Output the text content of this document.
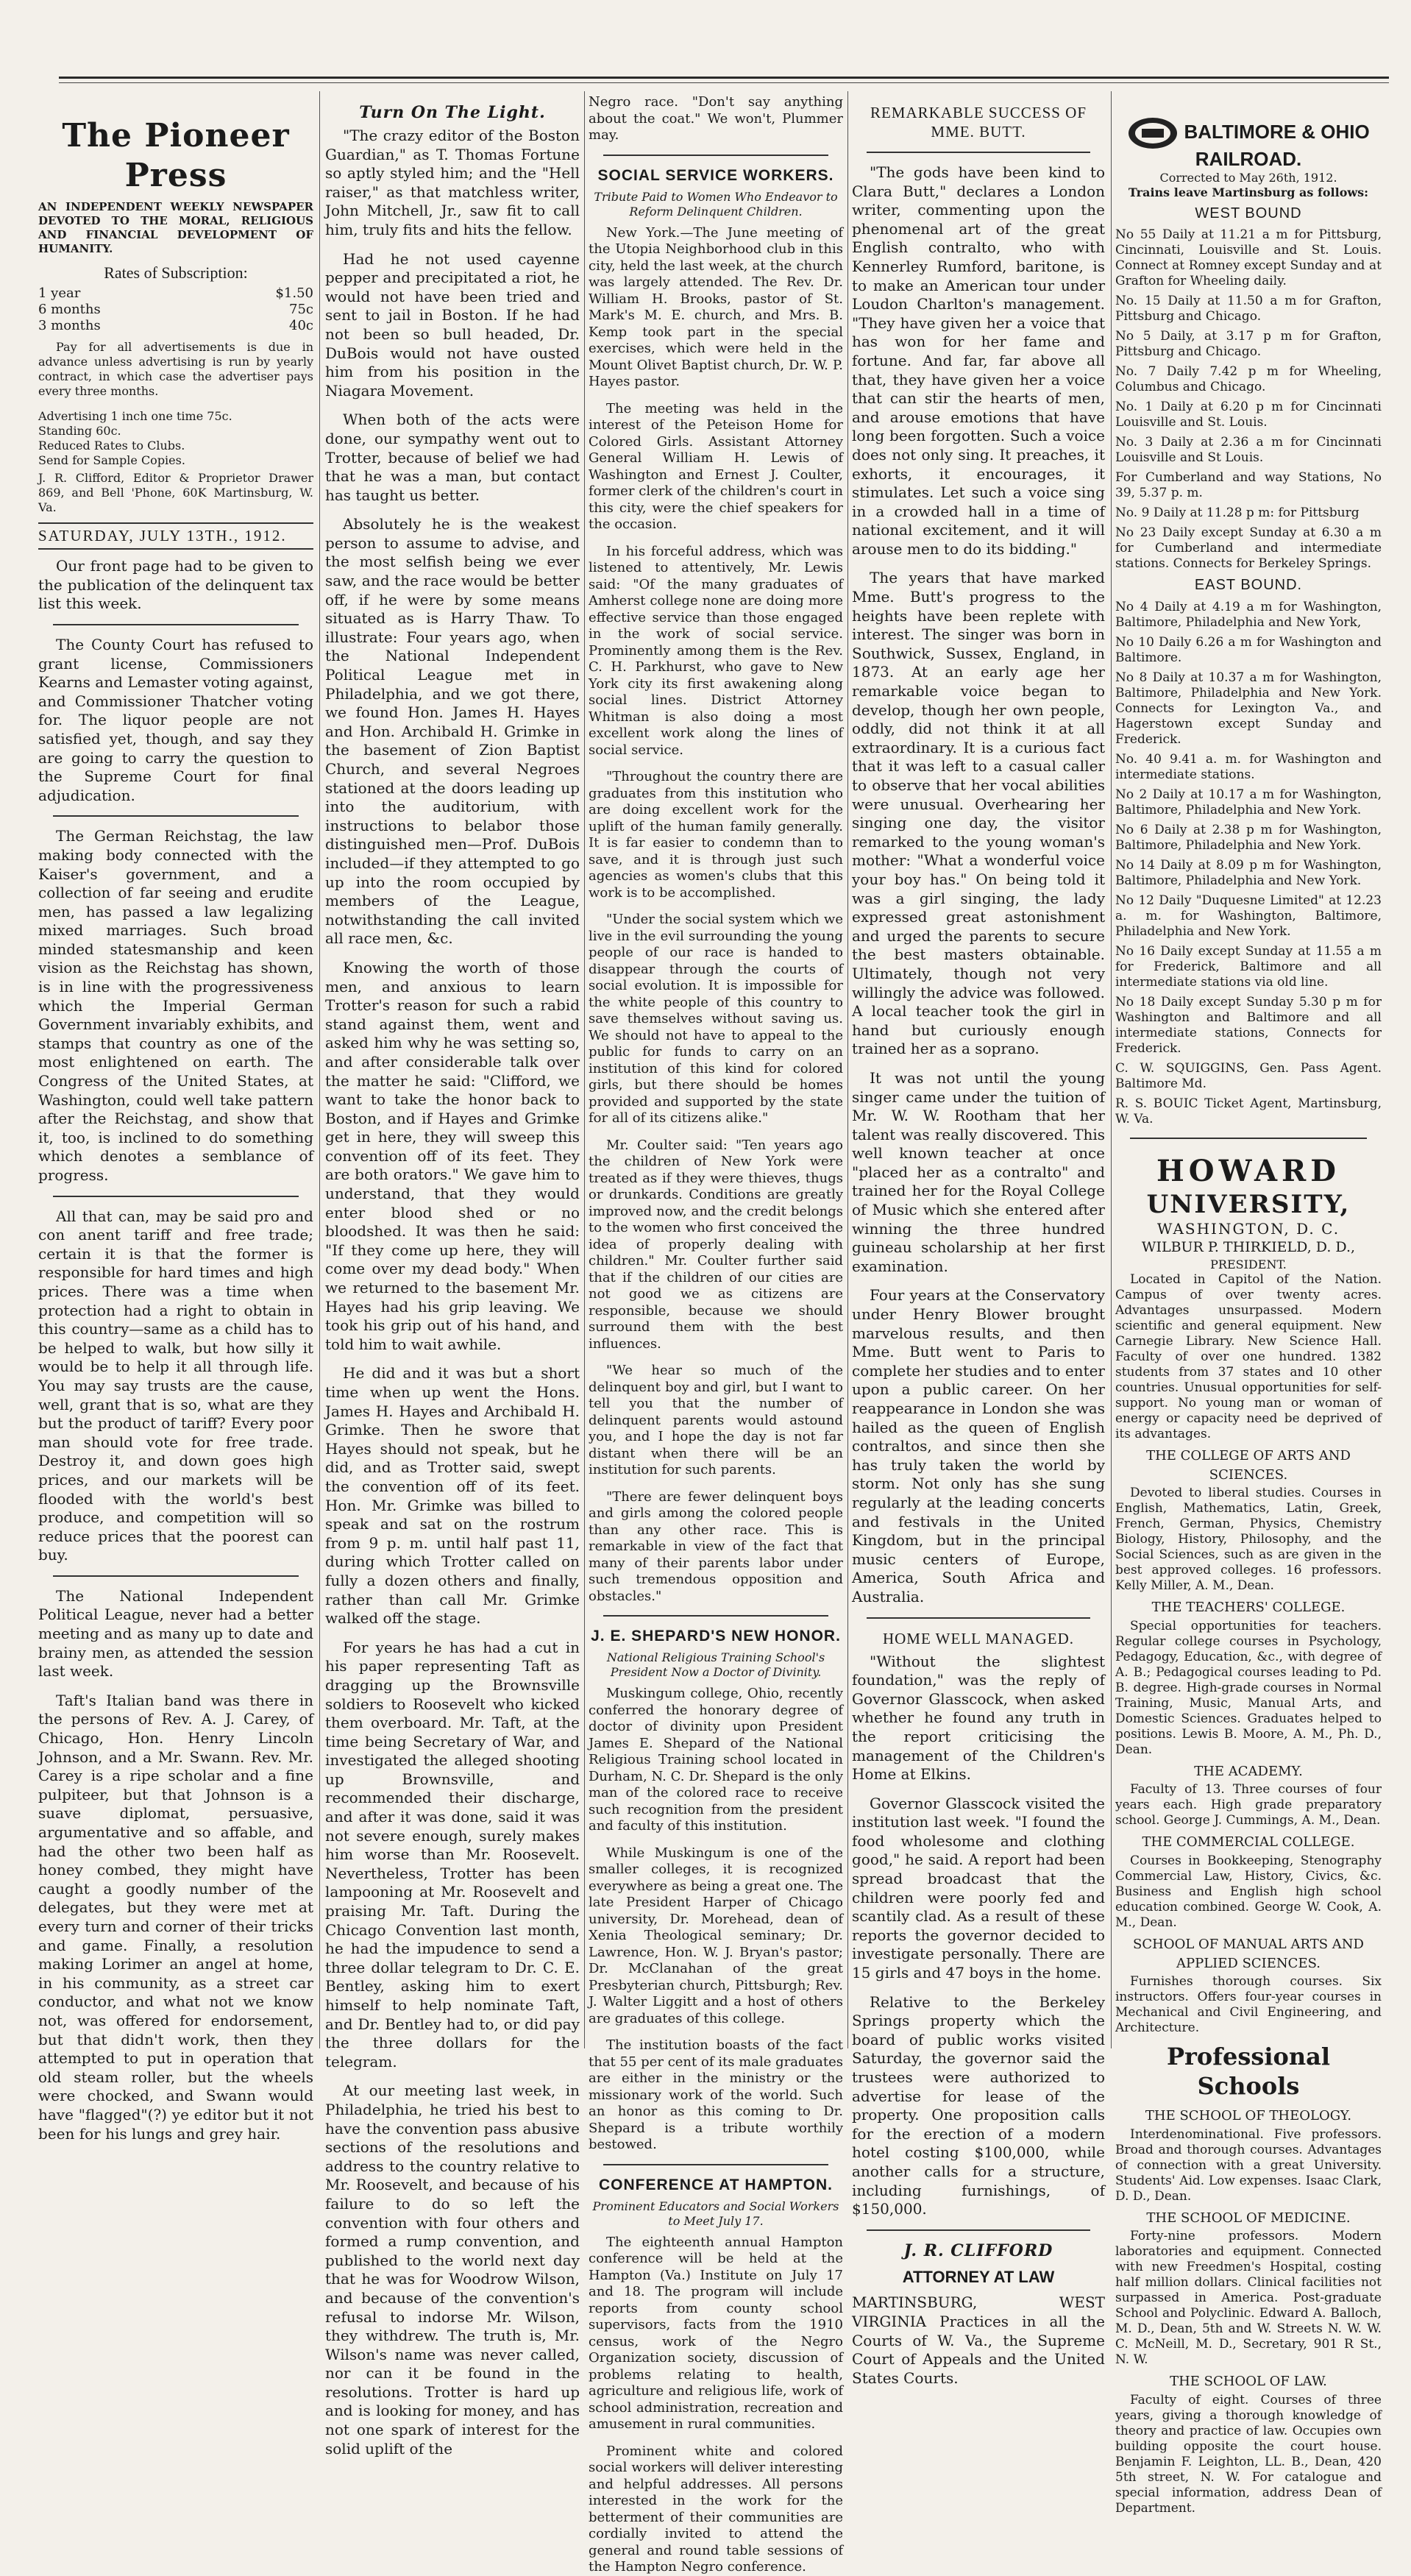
The Pioneer Press
AN INDEPENDENT WEEKLY NEWSPAPER DEVOTED TO THE MORAL, RELIGIOUS AND FINANCIAL DEVELOPMENT OF HUMANITY.
Rates of Subscription:
1 year	$1.50
6 months	75c
3 months	40c

Pay for all advertisements is due in advance unless advertising is run by yearly contract, in which case the advertiser pays every three months.

Advertising 1 inch one time 75c.
Standing 60c.
Reduced Rates to Clubs.
Send for Sample Copies.
J. R. Clifford, Editor & Proprietor Drawer 869, and Bell 'Phone, 60K Martinsburg, W. Va.
SATURDAY, JULY 13TH., 1912.

Our front page had to be given to the publication of the delinquent tax list this week.

The County Court has refused to grant license, Commissioners Kearns and Lemaster voting against, and Commissioner Thatcher voting for. The liquor people are not satisfied yet, though, and say they are going to carry the question to the Supreme Court for final adjudication.

The German Reichstag, the law making body connected with the Kaiser's government, and a collection of far seeing and erudite men, has passed a law legalizing mixed marriages. Such broad minded statesmanship and keen vision as the Reichstag has shown, is in line with the progressiveness which the Imperial German Government invariably exhibits, and stamps that country as one of the most enlightened on earth. The Congress of the United States, at Washington, could well take pattern after the Reichstag, and show that it, too, is inclined to do something which denotes a semblance of progress.

All that can, may be said pro and con anent tariff and free trade; certain it is that the former is responsible for hard times and high prices. There was a time when protection had a right to obtain in this country—same as a child has to be helped to walk, but how silly it would be to help it all through life. You may say trusts are the cause, well, grant that is so, what are they but the product of tariff? Every poor man should vote for free trade. Destroy it, and down goes high prices, and our markets will be flooded with the world's best produce, and competition will so reduce prices that the poorest can buy.

The National Independent Political League, never had a better meeting and as many up to date and brainy men, as attended the session last week.

Taft's Italian band was there in the persons of Rev. A. J. Carey, of Chicago, Hon. Henry Lincoln Johnson, and a Mr. Swann. Rev. Mr. Carey is a ripe scholar and a fine pulpiteer, but that Johnson is a suave diplomat, persuasive, argumentative and so affable, and had the other two been half as honey combed, they might have caught a goodly number of the delegates, but they were met at every turn and corner of their tricks and game. Finally, a resolution making Lorimer an angel at home, in his community, as a street car conductor, and what not we know not, was offered for endorsement, but that didn't work, then they attempted to put in operation that old steam roller, but the wheels were chocked, and Swann would have "flagged"(?) ye editor but it not been for his lungs and grey hair.

Turn On The Light.

"The crazy editor of the Boston Guardian," as T. Thomas Fortune so aptly styled him; and the "Hell raiser," as that matchless writer, John Mitchell, Jr., saw fit to call him, truly fits and hits the fellow.

Had he not used cayenne pepper and precipitated a riot, he would not have been tried and sent to jail in Boston. If he had not been so bull headed, Dr. DuBois would not have ousted him from his position in the Niagara Movement.

When both of the acts were done, our sympathy went out to Trotter, because of belief we had that he was a man, but contact has taught us better.

Absolutely he is the weakest person to assume to advise, and the most selfish being we ever saw, and the race would be better off, if he were by some means situated as is Harry Thaw. To illustrate: Four years ago, when the National Independent Political League met in Philadelphia, and we got there, we found Hon. James H. Hayes and Hon. Archibald H. Grimke in the basement of Zion Baptist Church, and several Negroes stationed at the doors leading up into the auditorium, with instructions to belabor those distinguished men—Prof. DuBois included—if they attempted to go up into the room occupied by members of the League, notwithstanding the call invited all race men, &c.

Knowing the worth of those men, and anxious to learn Trotter's reason for such a rabid stand against them, went and asked him why he was setting so, and after considerable talk over the matter he said: "Clifford, we want to take the honor back to Boston, and if Hayes and Grimke get in here, they will sweep this convention off of its feet. They are both orators." We gave him to understand, that they would enter blood shed or no bloodshed. It was then he said: "If they come up here, they will come over my dead body." When we returned to the basement Mr. Hayes had his grip leaving. We took his grip out of his hand, and told him to wait awhile.

He did and it was but a short time when up went the Hons. James H. Hayes and Archibald H. Grimke. Then he swore that Hayes should not speak, but he did, and as Trotter said, swept the convention off of its feet. Hon. Mr. Grimke was billed to speak and sat on the rostrum from 9 p. m. until half past 11, during which Trotter called on fully a dozen others and finally, rather than call Mr. Grimke walked off the stage.

For years he has had a cut in his paper representing Taft as dragging up the Brownsville soldiers to Roosevelt who kicked them overboard. Mr. Taft, at the time being Secretary of War, and investigated the alleged shooting up Brownsville, and recommended their discharge, and after it was done, said it was not severe enough, surely makes him worse than Mr. Roosevelt. Nevertheless, Trotter has been lampooning at Mr. Roosevelt and praising Mr. Taft. During the Chicago Convention last month, he had the impudence to send a three dollar telegram to Dr. C. E. Bentley, asking him to exert himself to help nominate Taft, and Dr. Bentley had to, or did pay the three dollars for the telegram.

At our meeting last week, in Philadelphia, he tried his best to have the convention pass abusive sections of the resolutions and address to the country relative to Mr. Roosevelt, and because of his failure to do so left the convention with four others and formed a rump convention, and published to the world next day that he was for Woodrow Wilson, and because of the convention's refusal to indorse Mr. Wilson, they withdrew. The truth is, Mr. Wilson's name was never called, nor can it be found in the resolutions. Trotter is hard up and is looking for money, and has not one spark of interest for the solid uplift of the

Negro race. "Don't say anything about the coat." We won't, Plummer may.

SOCIAL SERVICE WORKERS.
Tribute Paid to Women Who Endeavor to Reform Delinquent Children.

New York.—The June meeting of the Utopia Neighborhood club in this city, held the last week, at the church was largely attended. The Rev. Dr. William H. Brooks, pastor of St. Mark's M. E. church, and Mrs. B. Kemp took part in the special exercises, which were held in the Mount Olivet Baptist church, Dr. W. P. Hayes pastor.

The meeting was held in the interest of the Peteison Home for Colored Girls. Assistant Attorney General William H. Lewis of Washington and Ernest J. Coulter, former clerk of the children's court in this city, were the chief speakers for the occasion.

In his forceful address, which was listened to attentively, Mr. Lewis said: "Of the many graduates of Amherst college none are doing more effective service than those engaged in the work of social service. Prominently among them is the Rev. C. H. Parkhurst, who gave to New York city its first awakening along social lines. District Attorney Whitman is also doing a most excellent work along the lines of social service.

"Throughout the country there are graduates from this institution who are doing excellent work for the uplift of the human family generally. It is far easier to condemn than to save, and it is through just such agencies as women's clubs that this work is to be accomplished.

"Under the social system which we live in the evil surrounding the young people of our race is handed to disappear through the courts of social evolution. It is impossible for the white people of this country to save themselves without saving us. We should not have to appeal to the public for funds to carry on an institution of this kind for colored girls, but there should be homes provided and supported by the state for all of its citizens alike."

Mr. Coulter said: "Ten years ago the children of New York were treated as if they were thieves, thugs or drunkards. Conditions are greatly improved now, and the credit belongs to the women who first conceived the idea of properly dealing with children." Mr. Coulter further said that if the children of our cities are not good we as citizens are responsible, because we should surround them with the best influences.

"We hear so much of the delinquent boy and girl, but I want to tell you that the number of delinquent parents would astound you, and I hope the day is not far distant when there will be an institution for such parents.

"There are fewer delinquent boys and girls among the colored people than any other race. This is remarkable in view of the fact that many of their parents labor under such tremendous opposition and obstacles."

J. E. SHEPARD'S NEW HONOR.
National Religious Training School's President Now a Doctor of Divinity.

Muskingum college, Ohio, recently conferred the honorary degree of doctor of divinity upon President James E. Shepard of the National Religious Training school located in Durham, N. C. Dr. Shepard is the only man of the colored race to receive such recognition from the president and faculty of this institution.

While Muskingum is one of the smaller colleges, it is recognized everywhere as being a great one. The late President Harper of Chicago university, Dr. Morehead, dean of Xenia Theological seminary; Dr. Lawrence, Hon. W. J. Bryan's pastor; Dr. McClanahan of the great Presbyterian church, Pittsburgh; Rev. J. Walter Liggitt and a host of others are graduates of this college.

The institution boasts of the fact that 55 per cent of its male graduates are either in the ministry or the missionary work of the world. Such an honor as this coming to Dr. Shepard is a tribute worthily bestowed.

CONFERENCE AT HAMPTON.
Prominent Educators and Social Workers to Meet July 17.

The eighteenth annual Hampton conference will be held at the Hampton (Va.) Institute on July 17 and 18. The program will include reports from county school supervisors, facts from the 1910 census, work of the Negro Organization society, discussion of problems relating to health, agriculture and religious life, work of school administration, recreation and amusement in rural communities.

Prominent white and colored social workers will deliver interesting and helpful addresses. All persons interested in the work for the betterment of their communities are cordially invited to attend the general and round table sessions of the Hampton Negro conference.

REMARKABLE SUCCESS OF MME. BUTT.

"The gods have been kind to Clara Butt," declares a London writer, commenting upon the phenomenal art of the great English contralto, who with Kennerley Rumford, baritone, is to make an American tour under Loudon Charlton's management. "They have given her a voice that has won for her fame and fortune. And far, far above all that, they have given her a voice that can stir the hearts of men, and arouse emotions that have long been forgotten. Such a voice does not only sing. It preaches, it exhorts, it encourages, it stimulates. Let such a voice sing in a crowded hall in a time of national excitement, and it will arouse men to do its bidding."

The years that have marked Mme. Butt's progress to the heights have been replete with interest. The singer was born in Southwick, Sussex, England, in 1873. At an early age her remarkable voice began to develop, though her own people, oddly, did not think it at all extraordinary. It is a curious fact that it was left to a casual caller to observe that her vocal abilities were unusual. Overhearing her singing one day, the visitor remarked to the young woman's mother: "What a wonderful voice your boy has." On being told it was a girl singing, the lady expressed great astonishment and urged the parents to secure the best masters obtainable. Ultimately, though not very willingly the advice was followed. A local teacher took the girl in hand but curiously enough trained her as a soprano.

It was not until the young singer came under the tuition of Mr. W. W. Rootham that her talent was really discovered. This well known teacher at once "placed her as a contralto" and trained her for the Royal College of Music which she entered after winning the three hundred guineau scholarship at her first examination.

Four years at the Conservatory under Henry Blower brought marvelous results, and then Mme. Butt went to Paris to complete her studies and to enter upon a public career. On her reappearance in London she was hailed as the queen of English contraltos, and since then she has truly taken the world by storm. Not only has she sung regularly at the leading concerts and festivals in the United Kingdom, but in the principal music centers of Europe, America, South Africa and Australia.

HOME WELL MANAGED.

"Without the slightest foundation," was the reply of Governor Glasscock, when asked whether he found any truth in the report criticising the management of the Children's Home at Elkins.

Governor Glasscock visited the institution last week. "I found the food wholesome and clothing good," he said. A report had been spread broadcast that the children were poorly fed and scantily clad. As a result of these reports the governor decided to investigate personally. There are 15 girls and 47 boys in the home.

Relative to the Berkeley Springs property which the board of public works visited Saturday, the governor said the trustees were authorized to advertise for lease of the property. One proposition calls for the erection of a modern hotel costing $100,000, while another calls for a structure, including furnishings, of $150,000.

J. R. CLIFFORD
ATTORNEY AT LAW

MARTINSBURG, WEST VIRGINIA Practices in all the Courts of W. Va., the Supreme Court of Appeals and the United States Courts.

BALTIMORE & OHIO RAILROAD.
Corrected to May 26th, 1912.
Trains leave Martinsburg as follows:
WEST BOUND

No 55 Daily at 11.21 a m for Pittsburg, Cincinnati, Louisville and St. Louis. Connect at Romney except Sunday and at Grafton for Wheeling daily.

No. 15 Daily at 11.50 a m for Grafton, Pittsburg and Chicago.

No 5 Daily, at 3.17 p m for Grafton, Pittsburg and Chicago.

No. 7 Daily 7.42 p m for Wheeling, Columbus and Chicago.

No. 1 Daily at 6.20 p m for Cincinnati Louisville and St. Louis.

No. 3 Daily at 2.36 a m for Cincinnati Louisville and St Louis.

For Cumberland and way Stations, No 39, 5.37 p. m.

No. 9 Daily at 11.28 p m: for Pittsburg

No 23 Daily except Sunday at 6.30 a m for Cumberland and intermediate stations. Connects for Berkeley Springs.

EAST BOUND.

No 4 Daily at 4.19 a m for Washington, Baltimore, Philadelphia and New York,

No 10 Daily 6.26 a m for Washington and Baltimore.

No 8 Daily at 10.37 a m for Washington, Baltimore, Philadelphia and New York. Connects for Lexington Va., and Hagerstown except Sunday and Frederick.

No. 40 9.41 a. m. for Washington and intermediate stations.

No 2 Daily at 10.17 a m for Washington, Baltimore, Philadelphia and New York.

No 6 Daily at 2.38 p m for Washington, Baltimore, Philadelphia and New York.

No 14 Daily at 8.09 p m for Washington, Baltimore, Philadelphia and New York.

No 12 Daily "Duquesne Limited" at 12.23 a. m. for Washington, Baltimore, Philadelphia and New York.

No 16 Daily except Sunday at 11.55 a m for Frederick, Baltimore and all intermediate stations via old line.

No 18 Daily except Sunday 5.30 p m for Washington and Baltimore and all intermediate stations, Connects for Frederick.

C. W. SQUIGGINS, Gen. Pass Agent. Baltimore Md.

R. S. BOUIC Ticket Agent, Martinsburg, W. Va.

HOWARD
UNIVERSITY,
WASHINGTON, D. C.
WILBUR P. THIRKIELD, D. D.,
PRESIDENT.

Located in Capitol of the Nation. Campus of over twenty acres. Advantages unsurpassed. Modern scientific and general equipment. New Carnegie Library. New Science Hall. Faculty of over one hundred. 1382 students from 37 states and 10 other countries. Unusual opportunities for self-support. No young man or woman of energy or capacity need be deprived of its advantages.

THE COLLEGE OF ARTS AND SCIENCES.

Devoted to liberal studies. Courses in English, Mathematics, Latin, Greek, French, German, Physics, Chemistry Biology, History, Philosophy, and the Social Sciences, such as are given in the best approved colleges. 16 professors. Kelly Miller, A. M., Dean.

THE TEACHERS' COLLEGE.

Special opportunities for teachers. Regular college courses in Psychology, Pedagogy, Education, &c., with degree of A. B.; Pedagogical courses leading to Pd. B. degree. High-grade courses in Normal Training, Music, Manual Arts, and Domestic Sciences. Graduates helped to positions. Lewis B. Moore, A. M., Ph. D., Dean.

THE ACADEMY.

Faculty of 13. Three courses of four years each. High grade preparatory school. George J. Cummings, A. M., Dean.

THE COMMERCIAL COLLEGE.

Courses in Bookkeeping, Stenography Commercial Law, History, Civics, &c. Business and English high school education combined. George W. Cook, A. M., Dean.

SCHOOL OF MANUAL ARTS AND APPLIED SCIENCES.

Furnishes thorough courses. Six instructors. Offers four-year courses in Mechanical and Civil Engineering, and Architecture.

Professional Schools
THE SCHOOL OF THEOLOGY.

Interdenominational. Five professors. Broad and thorough courses. Advantages of connection with a great University. Students' Aid. Low expenses. Isaac Clark, D. D., Dean.

THE SCHOOL OF MEDICINE.

Forty-nine professors. Modern laboratories and equipment. Connected with new Freedmen's Hospital, costing half million dollars. Clinical facilities not surpassed in America. Post-graduate School and Polyclinic. Edward A. Balloch, M. D., Dean, 5th and W. Streets N. W. W. C. McNeill, M. D., Secretary, 901 R St., N. W.

THE SCHOOL OF LAW.

Faculty of eight. Courses of three years, giving a thorough knowledge of theory and practice of law. Occupies own building opposite the court house. Benjamin F. Leighton, LL. B., Dean, 420 5th street, N. W. For catalogue and special information, address Dean of Department.
